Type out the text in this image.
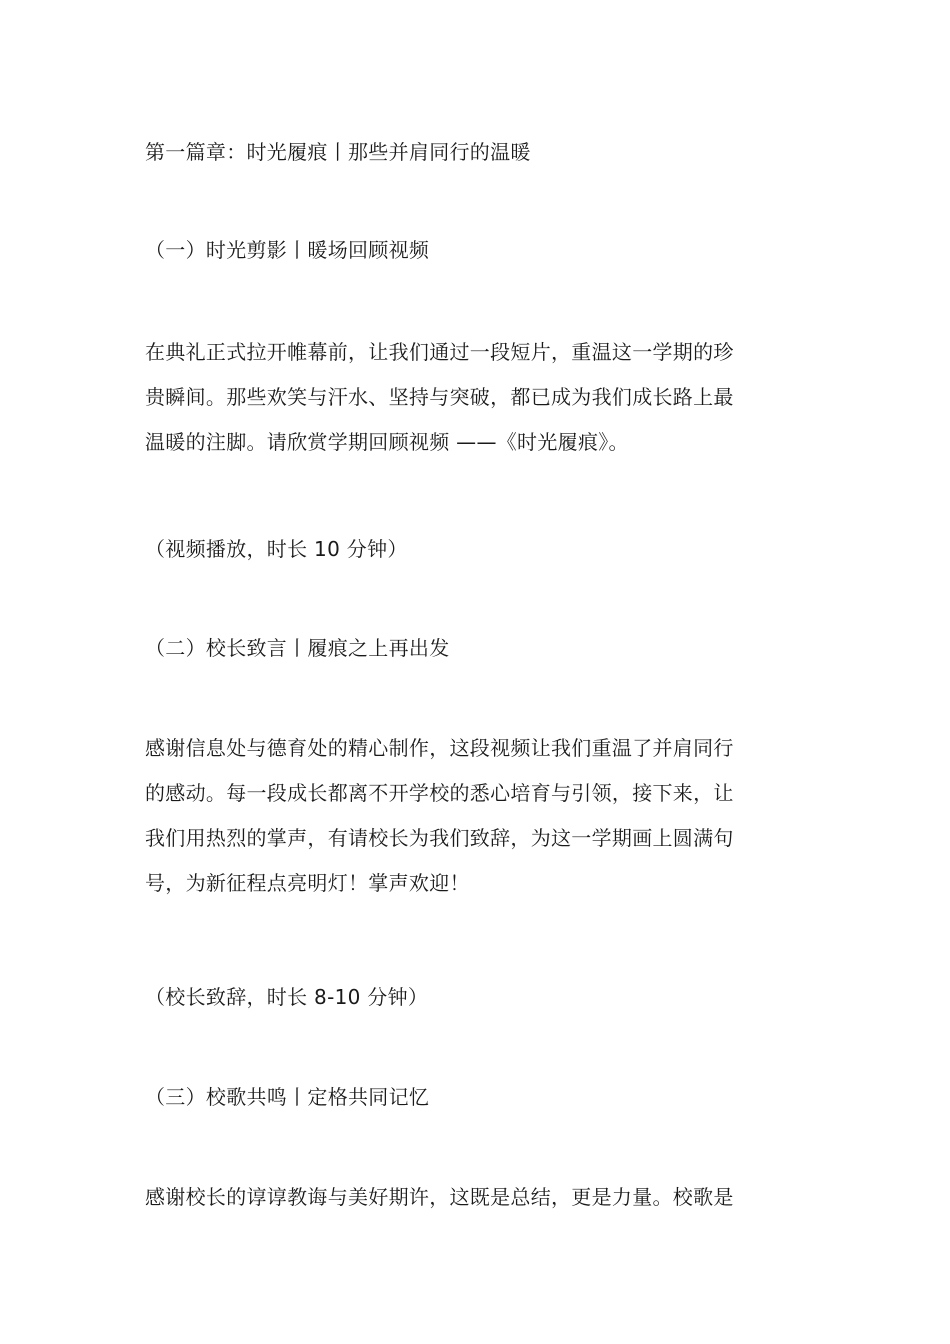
第一篇章：时光履痕丨那些并肩同行的温暖
（一）时光剪影丨暖场回顾视频
在典礼正式拉开帷幕前，让我们通过一段短片，重温这一学期的珍
贵瞬间。那些欢笑与汗水、坚持与突破，都已成为我们成长路上最
温暖的注脚。请欣赏学期回顾视频 ——《时光履痕》。
（视频播放，时长 10 分钟）
（二）校长致言丨履痕之上再出发
感谢信息处与德育处的精心制作，这段视频让我们重温了并肩同行
的感动。每一段成长都离不开学校的悉心培育与引领，接下来，让
我们用热烈的掌声，有请校长为我们致辞，为这一学期画上圆满句
号，为新征程点亮明灯！掌声欢迎！
（校长致辞，时长 8-10 分钟）
（三）校歌共鸣丨定格共同记忆
感谢校长的谆谆教诲与美好期许，这既是总结，更是力量。校歌是
